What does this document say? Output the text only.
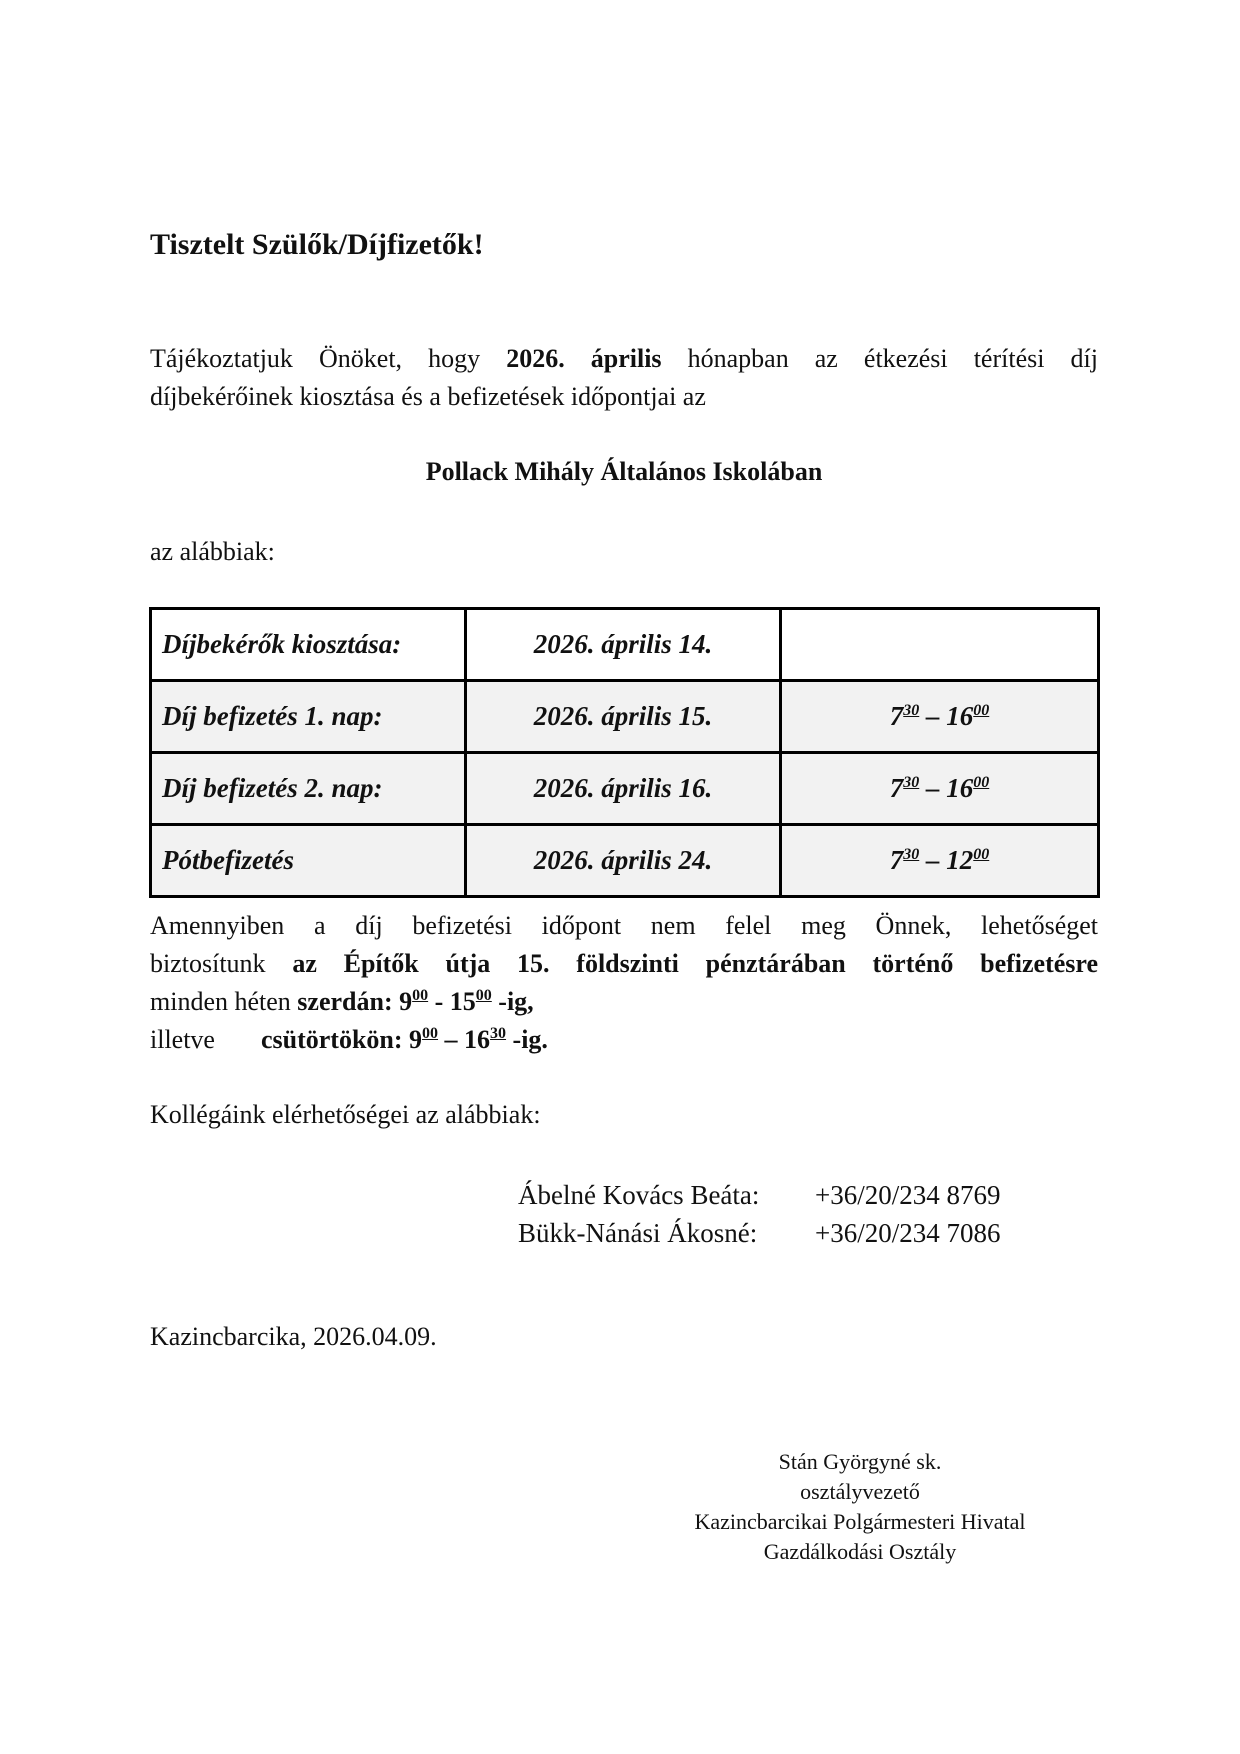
Tisztelt Szülők/Díjfizetők!
Tájékoztatjuk Önöket, hogy 2026. április hónapban az étkezési térítési díj
díjbekérőinek kiosztása és a befizetések időpontjai az
Pollack Mihály Általános Iskolában
az alábbiak:
Díjbekérők kiosztása:	2026. április 14.	
Díj befizetés 1. nap:	2026. április 15.	$7^{30} - 16^{00}$
Díj befizetés 2. nap:	2026. április 16.	$7^{30} - 16^{00}$
Pótbefizetés	2026. április 24.	$7^{30} - 12^{00}$
Amennyiben a díj befizetési időpont nem felel meg Önnek, lehetőséget
biztosítunk az Építők útja 15. földszinti pénztárában történő befizetésre
minden héten szerdán: $9^{00} - 15^{00}$ -ig,
illetve csütörtökön: $9^{00} - 16^{30}$ -ig.
Kollégáink elérhetőségei az alábbiak:
Ábelné Kovács Beáta: +36/20/234 8769
Bükk-Nánási Ákosné: +36/20/234 7086
Kazincbarcika, 2026.04.09.
Stán Györgyné sk.
osztályvezető
Kazincbarcikai Polgármesteri Hivatal
Gazdálkodási Osztály
